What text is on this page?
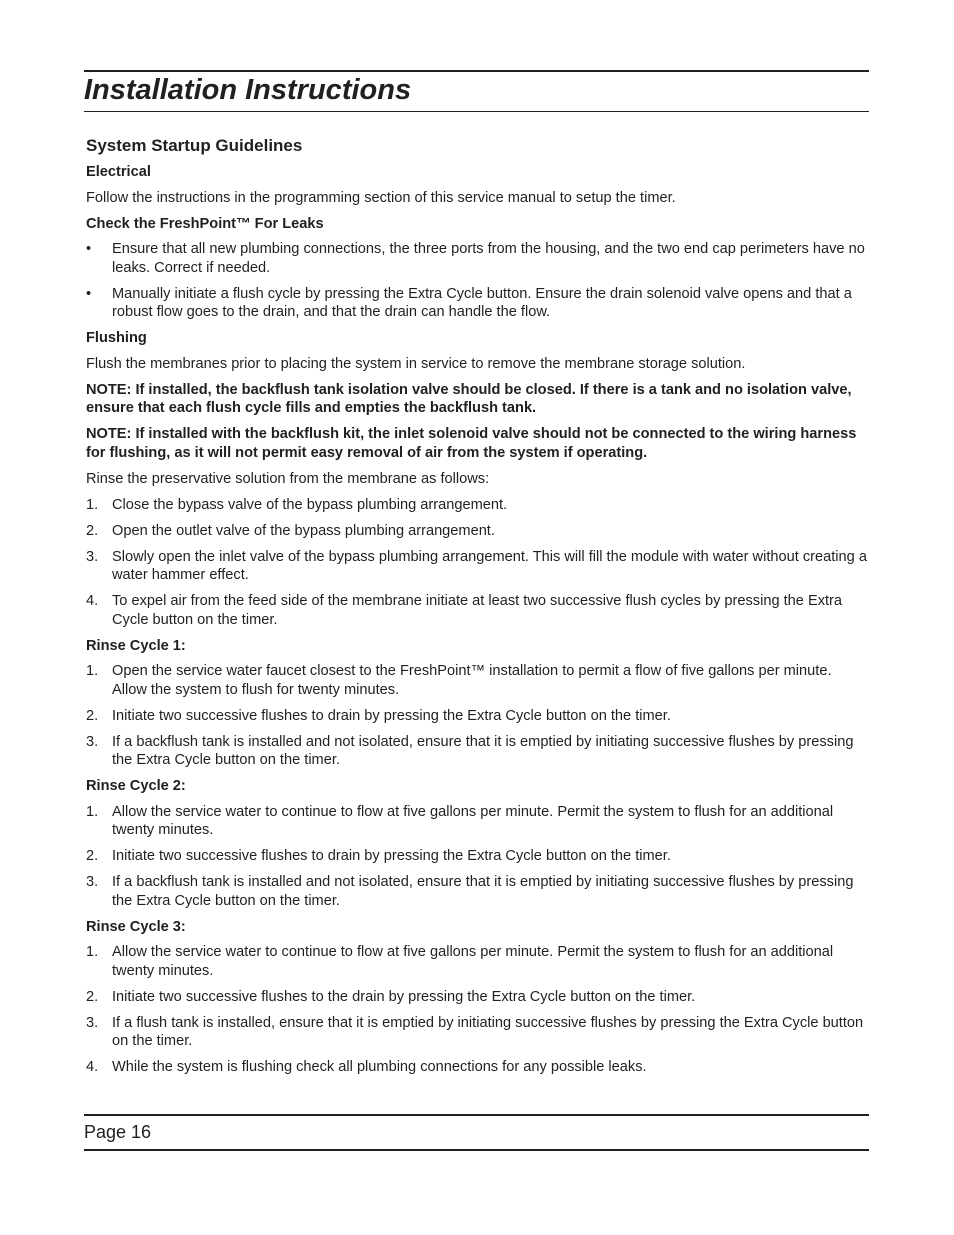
Installation Instructions
System Startup Guidelines
Electrical

Follow the instructions in the programming section of this service manual to setup the timer.

Check the FreshPoint™ For Leaks
• Ensure that all new plumbing connections, the three ports from the housing, and the two end cap perimeters have no leaks. Correct if needed.
• Manually initiate a flush cycle by pressing the Extra Cycle button. Ensure the drain solenoid valve opens and that a robust flow goes to the drain, and that the drain can handle the flow.
Flushing

Flush the membranes prior to placing the system in service to remove the membrane storage solution.

NOTE: If installed, the backflush tank isolation valve should be closed. If there is a tank and no isolation valve, ensure that each flush cycle fills and empties the backflush tank.

NOTE: If installed with the backflush kit, the inlet solenoid valve should not be connected to the wiring harness for flushing, as it will not permit easy removal of air from the system if operating.

Rinse the preservative solution from the membrane as follows:

1. Close the bypass valve of the bypass plumbing arrangement.
2. Open the outlet valve of the bypass plumbing arrangement.
3. Slowly open the inlet valve of the bypass plumbing arrangement. This will fill the module with water without creating a water hammer effect.
4. To expel air from the feed side of the membrane initiate at least two successive flush cycles by pressing the Extra Cycle button on the timer.
Rinse Cycle 1:
1. Open the service water faucet closest to the FreshPoint™ installation to permit a flow of five gallons per minute. Allow the system to flush for twenty minutes.
2. Initiate two successive flushes to drain by pressing the Extra Cycle button on the timer.
3. If a backflush tank is installed and not isolated, ensure that it is emptied by initiating successive flushes by pressing the Extra Cycle button on the timer.
Rinse Cycle 2:
1. Allow the service water to continue to flow at five gallons per minute. Permit the system to flush for an additional twenty minutes.
2. Initiate two successive flushes to drain by pressing the Extra Cycle button on the timer.
3. If a backflush tank is installed and not isolated, ensure that it is emptied by initiating successive flushes by pressing the Extra Cycle button on the timer.
Rinse Cycle 3:
1. Allow the service water to continue to flow at five gallons per minute. Permit the system to flush for an additional twenty minutes.
2. Initiate two successive flushes to the drain by pressing the Extra Cycle button on the timer.
3. If a flush tank is installed, ensure that it is emptied by initiating successive flushes by pressing the Extra Cycle button on the timer.
4. While the system is flushing check all plumbing connections for any possible leaks.
Page 16
